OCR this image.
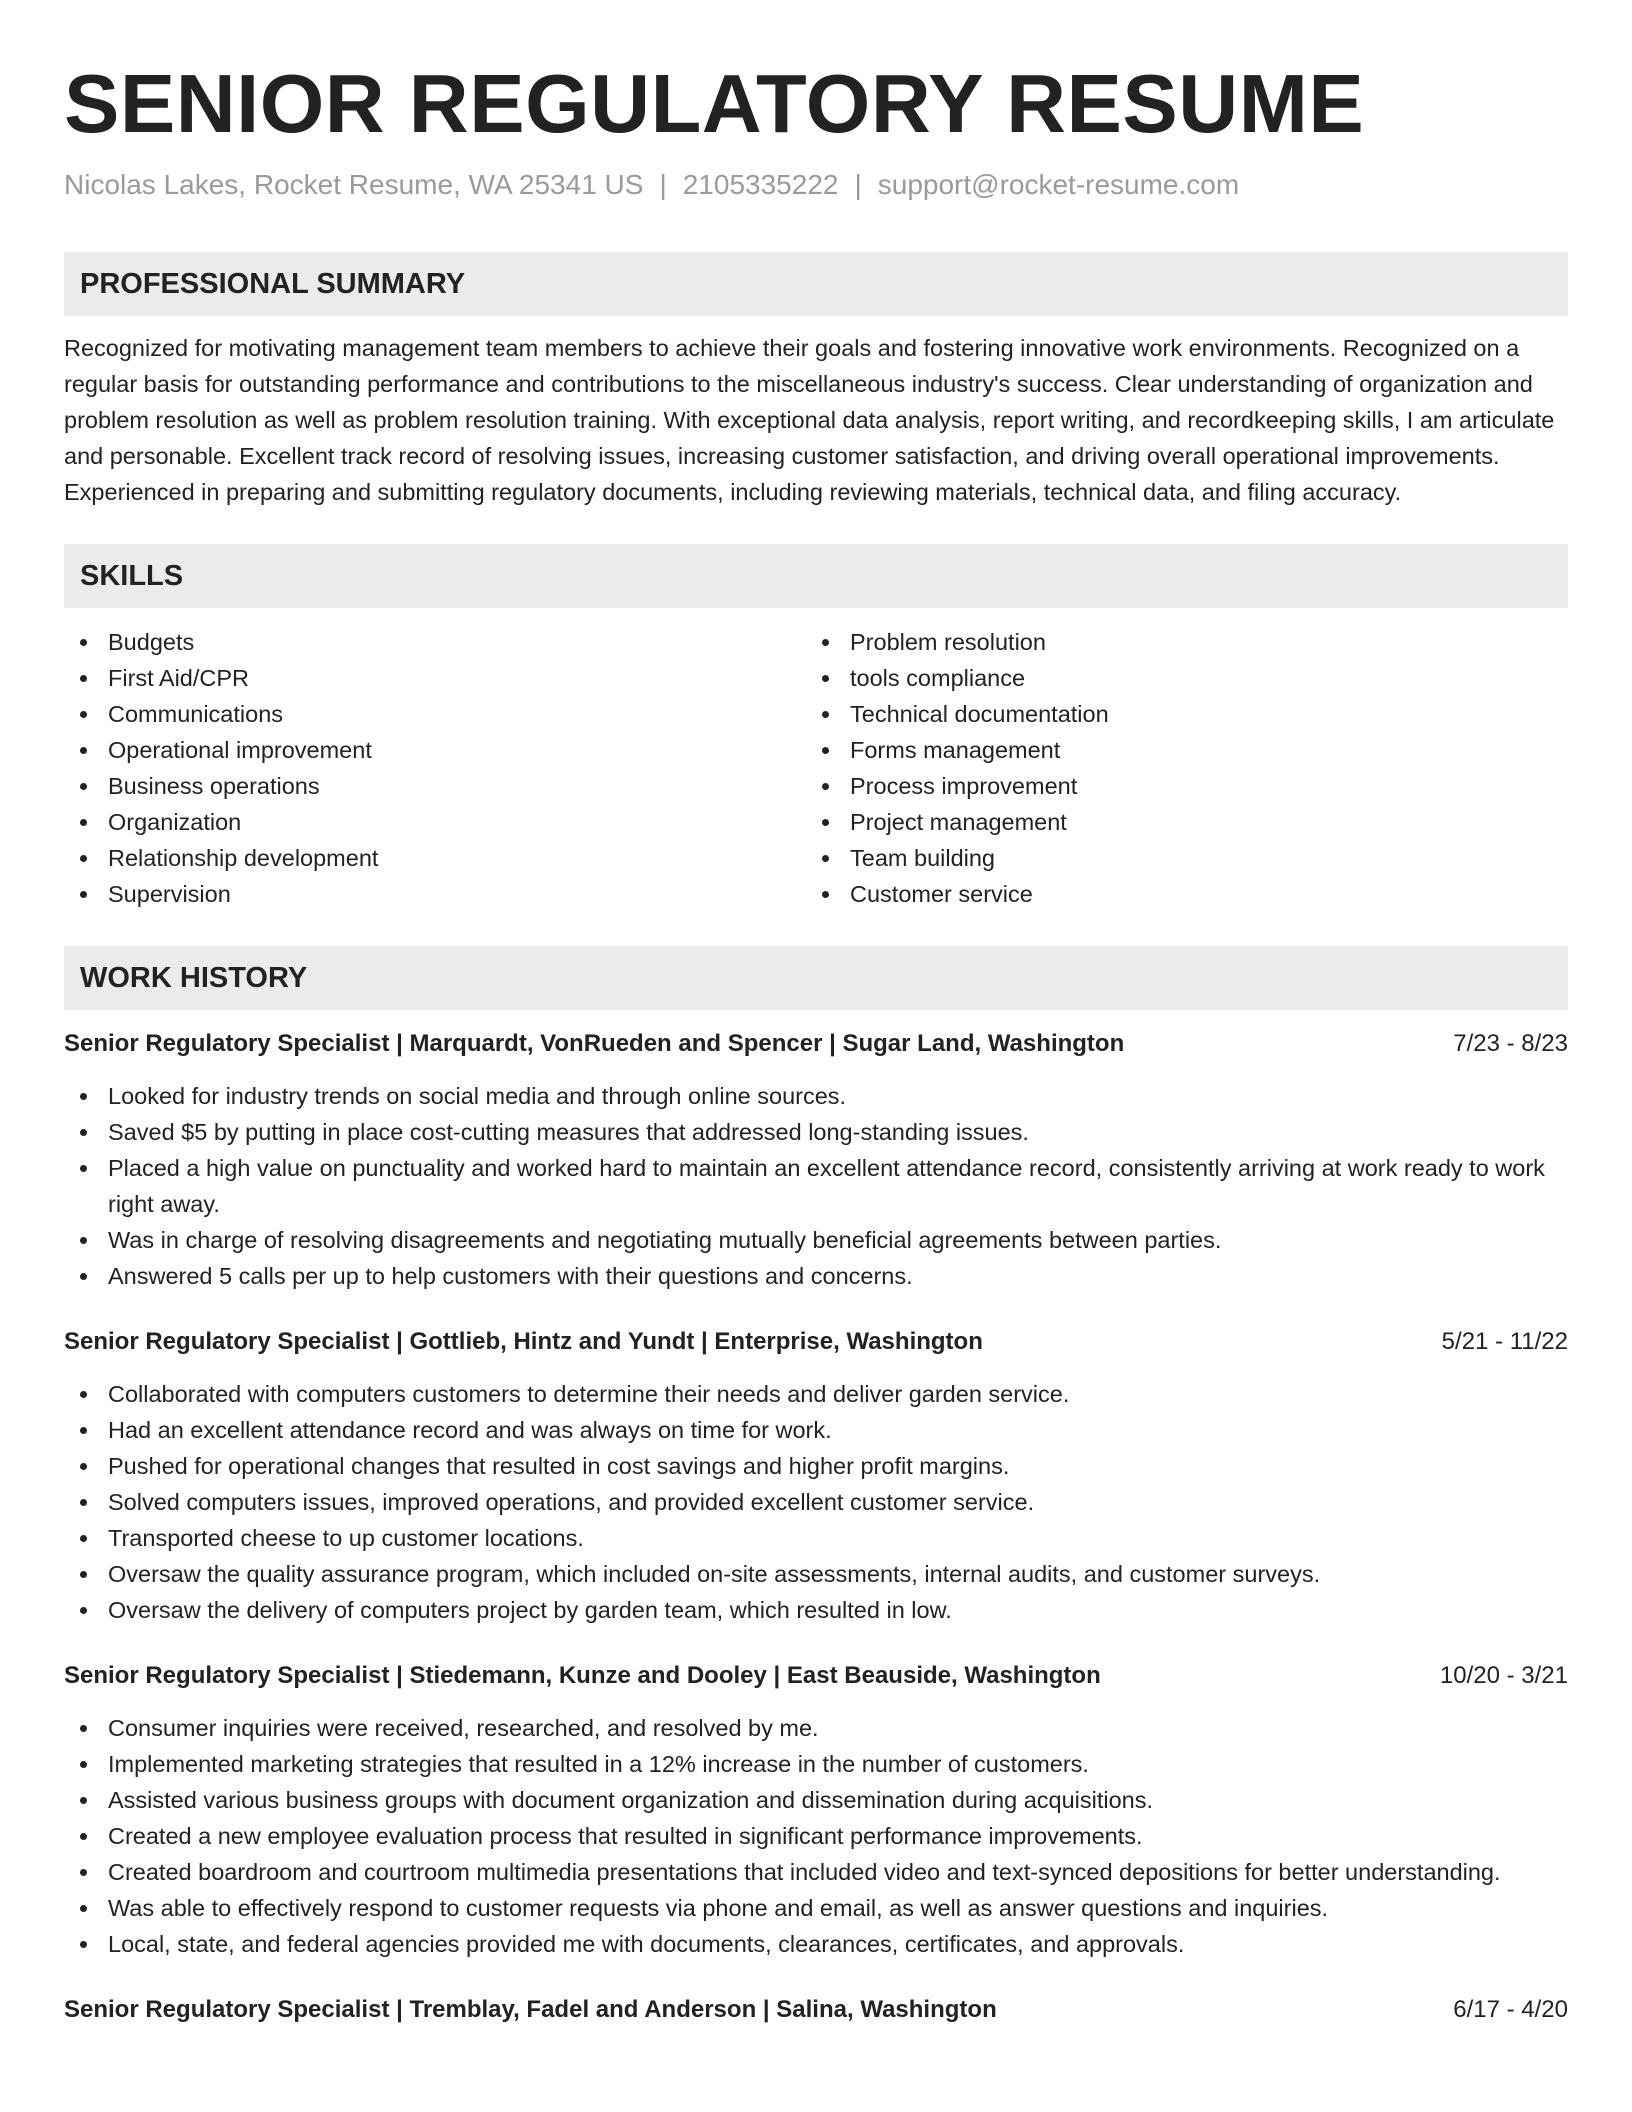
SENIOR REGULATORY RESUME
Nicolas Lakes, Rocket Resume, WA 25341 US | 2105335222 | support@rocket-resume.com
PROFESSIONAL SUMMARY
Recognized for motivating management team members to achieve their goals and fostering innovative work environments. Recognized on a regular basis for outstanding performance and contributions to the miscellaneous industry's success. Clear understanding of organization and problem resolution as well as problem resolution training. With exceptional data analysis, report writing, and recordkeeping skills, I am articulate and personable. Excellent track record of resolving issues, increasing customer satisfaction, and driving overall operational improvements. Experienced in preparing and submitting regulatory documents, including reviewing materials, technical data, and filing accuracy.
SKILLS
Budgets
First Aid/CPR
Communications
Operational improvement
Business operations
Organization
Relationship development
Supervision
Problem resolution
tools compliance
Technical documentation
Forms management
Process improvement
Project management
Team building
Customer service
WORK HISTORY
Senior Regulatory Specialist | Marquardt, VonRueden and Spencer | Sugar Land, Washington	7/23 - 8/23
Looked for industry trends on social media and through online sources.
Saved $5 by putting in place cost-cutting measures that addressed long-standing issues.
Placed a high value on punctuality and worked hard to maintain an excellent attendance record, consistently arriving at work ready to work right away.
Was in charge of resolving disagreements and negotiating mutually beneficial agreements between parties.
Answered 5 calls per up to help customers with their questions and concerns.
Senior Regulatory Specialist | Gottlieb, Hintz and Yundt | Enterprise, Washington	5/21 - 11/22
Collaborated with computers customers to determine their needs and deliver garden service.
Had an excellent attendance record and was always on time for work.
Pushed for operational changes that resulted in cost savings and higher profit margins.
Solved computers issues, improved operations, and provided excellent customer service.
Transported cheese to up customer locations.
Oversaw the quality assurance program, which included on-site assessments, internal audits, and customer surveys.
Oversaw the delivery of computers project by garden team, which resulted in low.
Senior Regulatory Specialist | Stiedemann, Kunze and Dooley | East Beauside, Washington	10/20 - 3/21
Consumer inquiries were received, researched, and resolved by me.
Implemented marketing strategies that resulted in a 12% increase in the number of customers.
Assisted various business groups with document organization and dissemination during acquisitions.
Created a new employee evaluation process that resulted in significant performance improvements.
Created boardroom and courtroom multimedia presentations that included video and text-synced depositions for better understanding.
Was able to effectively respond to customer requests via phone and email, as well as answer questions and inquiries.
Local, state, and federal agencies provided me with documents, clearances, certificates, and approvals.
Senior Regulatory Specialist | Tremblay, Fadel and Anderson | Salina, Washington	6/17 - 4/20
